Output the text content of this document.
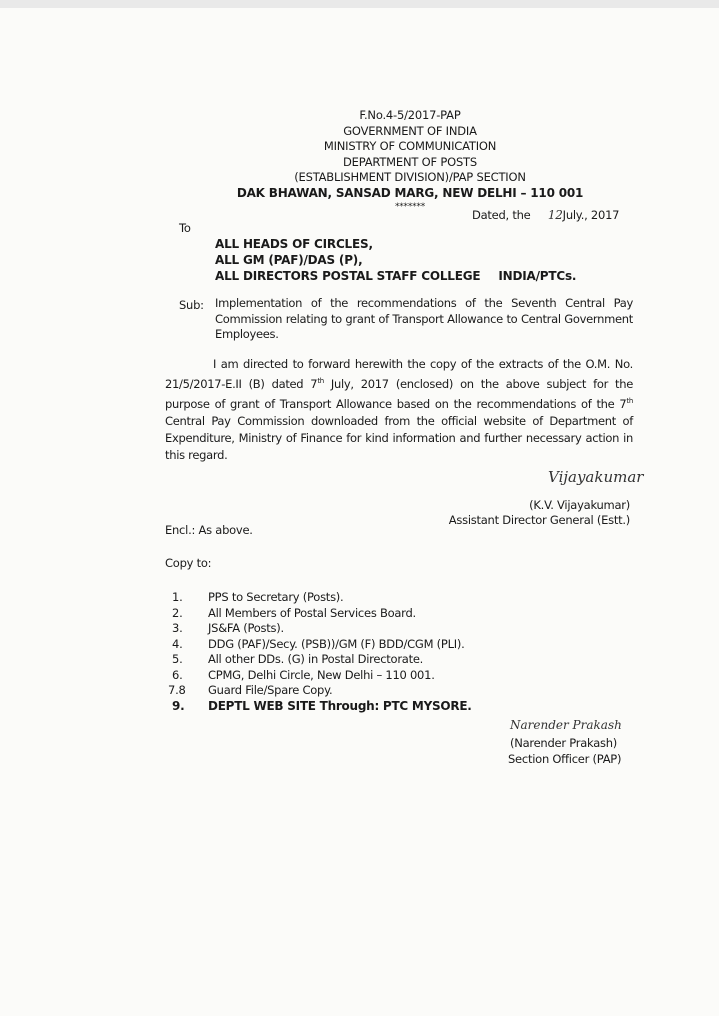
F.No.4-5/2017-PAP
GOVERNMENT OF INDIA
MINISTRY OF COMMUNICATION
DEPARTMENT OF POSTS
(ESTABLISHMENT DIVISION)/PAP SECTION
DAK BHAWAN, SANSAD MARG, NEW DELHI – 110 001
*******
Dated, the 12July., 2017
To
ALL HEADS OF CIRCLES,
ALL GM (PAF)/DAS (P),
ALL DIRECTORS POSTAL STAFF COLLEGE INDIA/PTCs.
Sub: Implementation of the recommendations of the Seventh Central Pay Commission relating to grant of Transport Allowance to Central Government Employees.
I am directed to forward herewith the copy of the extracts of the O.M. No. 21/5/2017-E.II (B) dated 7th July, 2017 (enclosed) on the above subject for the purpose of grant of Transport Allowance based on the recommendations of the 7th Central Pay Commission downloaded from the official website of Department of Expenditure, Ministry of Finance for kind information and further necessary action in this regard.
Vijayakumar
(K.V. Vijayakumar)
Assistant Director General (Estt.)
Encl.: As above.
Copy to:
1.	PPS to Secretary (Posts).
2.	All Members of Postal Services Board.
3.	JS&FA (Posts).
4.	DDG (PAF)/Secy. (PSB))/GM (F) BDD/CGM (PLI).
5.	All other DDs. (G) in Postal Directorate.
6.	CPMG, Delhi Circle, New Delhi – 110 001.
7.8	Guard File/Spare Copy.
9.	DEPTL WEB SITE Through: PTC MYSORE.
Narender Prakash
(Narender Prakash)
Section Officer (PAP)
